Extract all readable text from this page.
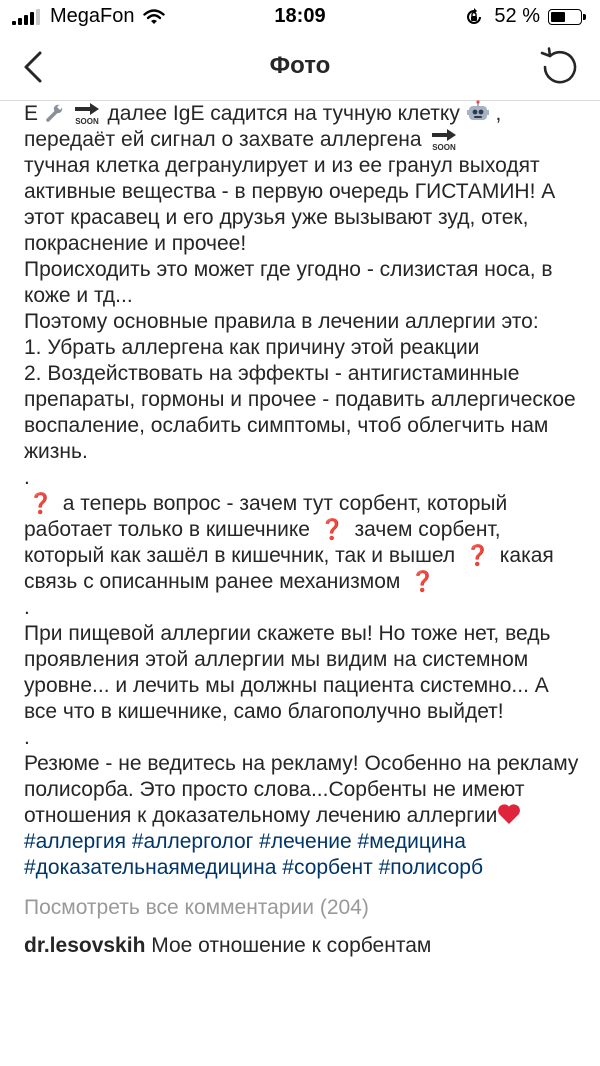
MegaFon	18:09	52 %
Фото

E	SOON далее IgE садится на тучную клетку  ,
передаёт ей сигнал о захвате аллергена SOON

тучная клетка дегранулирует и из ее гранул выходят активные вещества - в первую очередь ГИСТАМИН! А этот красавец и его друзья уже вызывают зуд, отек, покраснение и прочее!

Происходить это может где угодно - слизистая носа, в коже и тд...

Поэтому основные правила в лечении аллергии это:

1. Убрать аллергена как причину этой реакции

2. Воздействовать на эффекты - антигистаминные препараты, гормоны и прочее - подавить аллергическое воспаление, ослабить симптомы, чтоб облегчить нам жизнь.

.

❓ а теперь вопрос - зачем тут сорбент, который работает только в кишечнике ❓ зачем сорбент, который как зашёл в кишечник, так и вышел ❓ какая связь с описанным ранее механизмом ❓

.

При пищевой аллергии скажете вы! Но тоже нет, ведь проявления этой аллергии мы видим на системном уровне... и лечить мы должны пациента системно... А все что в кишечнике, само благополучно выйдет!

.

Резюме - не ведитесь на рекламу! Особенно на рекламу полисорба. Это просто слова...Сорбенты не имеют отношения к доказательному лечению аллергии

#аллергия #аллерголог #лечение #медицина #доказательнаямедицина #сорбент #полисорб
Посмотреть все комментарии (204)
dr.lesovskih Мое отношение к сорбентам
